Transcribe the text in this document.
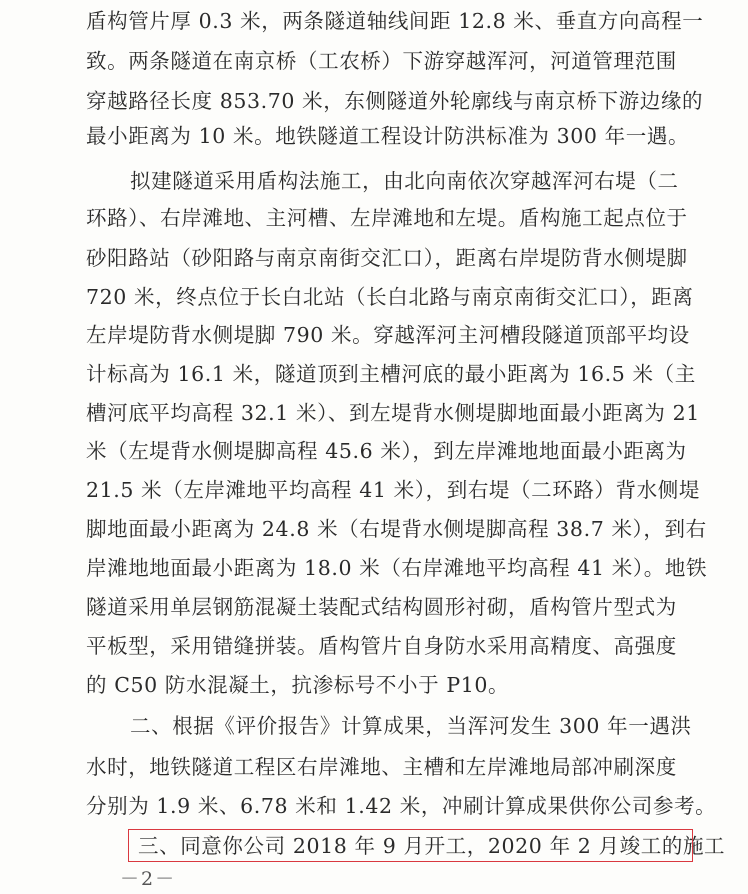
盾构管片厚 0.3 米，两条隧道轴线间距 12.8 米、垂直方向高程一
致。两条隧道在南京桥（工农桥）下游穿越浑河，河道管理范围
穿越路径长度 853.70 米，东侧隧道外轮廓线与南京桥下游边缘的
最小距离为 10 米。地铁隧道工程设计防洪标准为 300 年一遇。
拟建隧道采用盾构法施工，由北向南依次穿越浑河右堤（二
环路）、右岸滩地、主河槽、左岸滩地和左堤。盾构施工起点位于
砂阳路站（砂阳路与南京南街交汇口），距离右岸堤防背水侧堤脚
720 米，终点位于长白北站（长白北路与南京南街交汇口），距离
左岸堤防背水侧堤脚 790 米。穿越浑河主河槽段隧道顶部平均设
计标高为 16.1 米，隧道顶到主槽河底的最小距离为 16.5 米（主
槽河底平均高程 32.1 米）、到左堤背水侧堤脚地面最小距离为 21
米（左堤背水侧堤脚高程 45.6 米），到左岸滩地地面最小距离为
21.5 米（左岸滩地平均高程 41 米），到右堤（二环路）背水侧堤
脚地面最小距离为 24.8 米（右堤背水侧堤脚高程 38.7 米），到右
岸滩地地面最小距离为 18.0 米（右岸滩地平均高程 41 米）。地铁
隧道采用单层钢筋混凝土装配式结构圆形衬砌，盾构管片型式为
平板型，采用错缝拼装。盾构管片自身防水采用高精度、高强度
的 C50 防水混凝土，抗渗标号不小于 P10。
二、根据《评价报告》计算成果，当浑河发生 300 年一遇洪
水时，地铁隧道工程区右岸滩地、主槽和左岸滩地局部冲刷深度
分别为 1.9 米、6.78 米和 1.42 米，冲刷计算成果供你公司参考。
三、同意你公司 2018 年 9 月开工，2020 年 2 月竣工的施工
－2－
